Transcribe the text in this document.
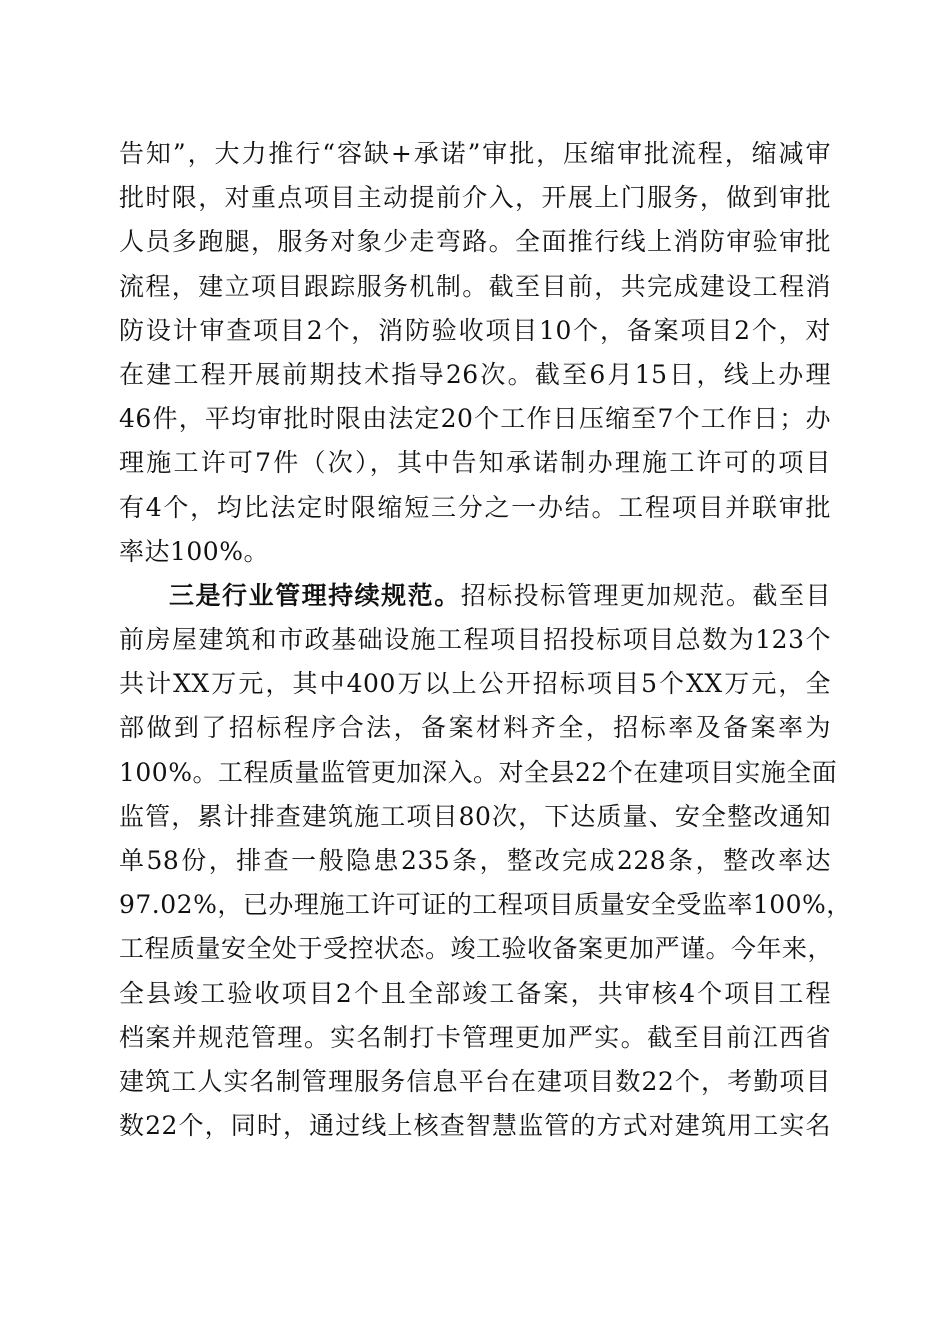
告知”，大力推行“容缺+承诺”审批，压缩审批流程，缩减审
批时限，对重点项目主动提前介入，开展上门服务，做到审批
人员多跑腿，服务对象少走弯路。全面推行线上消防审验审批
流程，建立项目跟踪服务机制。截至目前，共完成建设工程消
防设计审查项目2个，消防验收项目10个，备案项目2个，对
在建工程开展前期技术指导26次。截至6月15日，线上办理
46件，平均审批时限由法定20个工作日压缩至7个工作日；办
理施工许可7件（次），其中告知承诺制办理施工许可的项目
有4个，均比法定时限缩短三分之一办结。工程项目并联审批
率达100%。
三是行业管理持续规范。招标投标管理更加规范。截至目
前房屋建筑和市政基础设施工程项目招投标项目总数为123个
共计XX万元，其中400万以上公开招标项目5个XX万元，全
部做到了招标程序合法，备案材料齐全，招标率及备案率为
100%。工程质量监管更加深入。对全县22个在建项目实施全面
监管，累计排查建筑施工项目80次，下达质量、安全整改通知
单58份，排查一般隐患235条，整改完成228条，整改率达
97.02%，已办理施工许可证的工程项目质量安全受监率100%，
工程质量安全处于受控状态。竣工验收备案更加严谨。今年来，
全县竣工验收项目2个且全部竣工备案，共审核4个项目工程
档案并规范管理。实名制打卡管理更加严实。截至目前江西省
建筑工人实名制管理服务信息平台在建项目数22个，考勤项目
数22个，同时，通过线上核查智慧监管的方式对建筑用工实名
